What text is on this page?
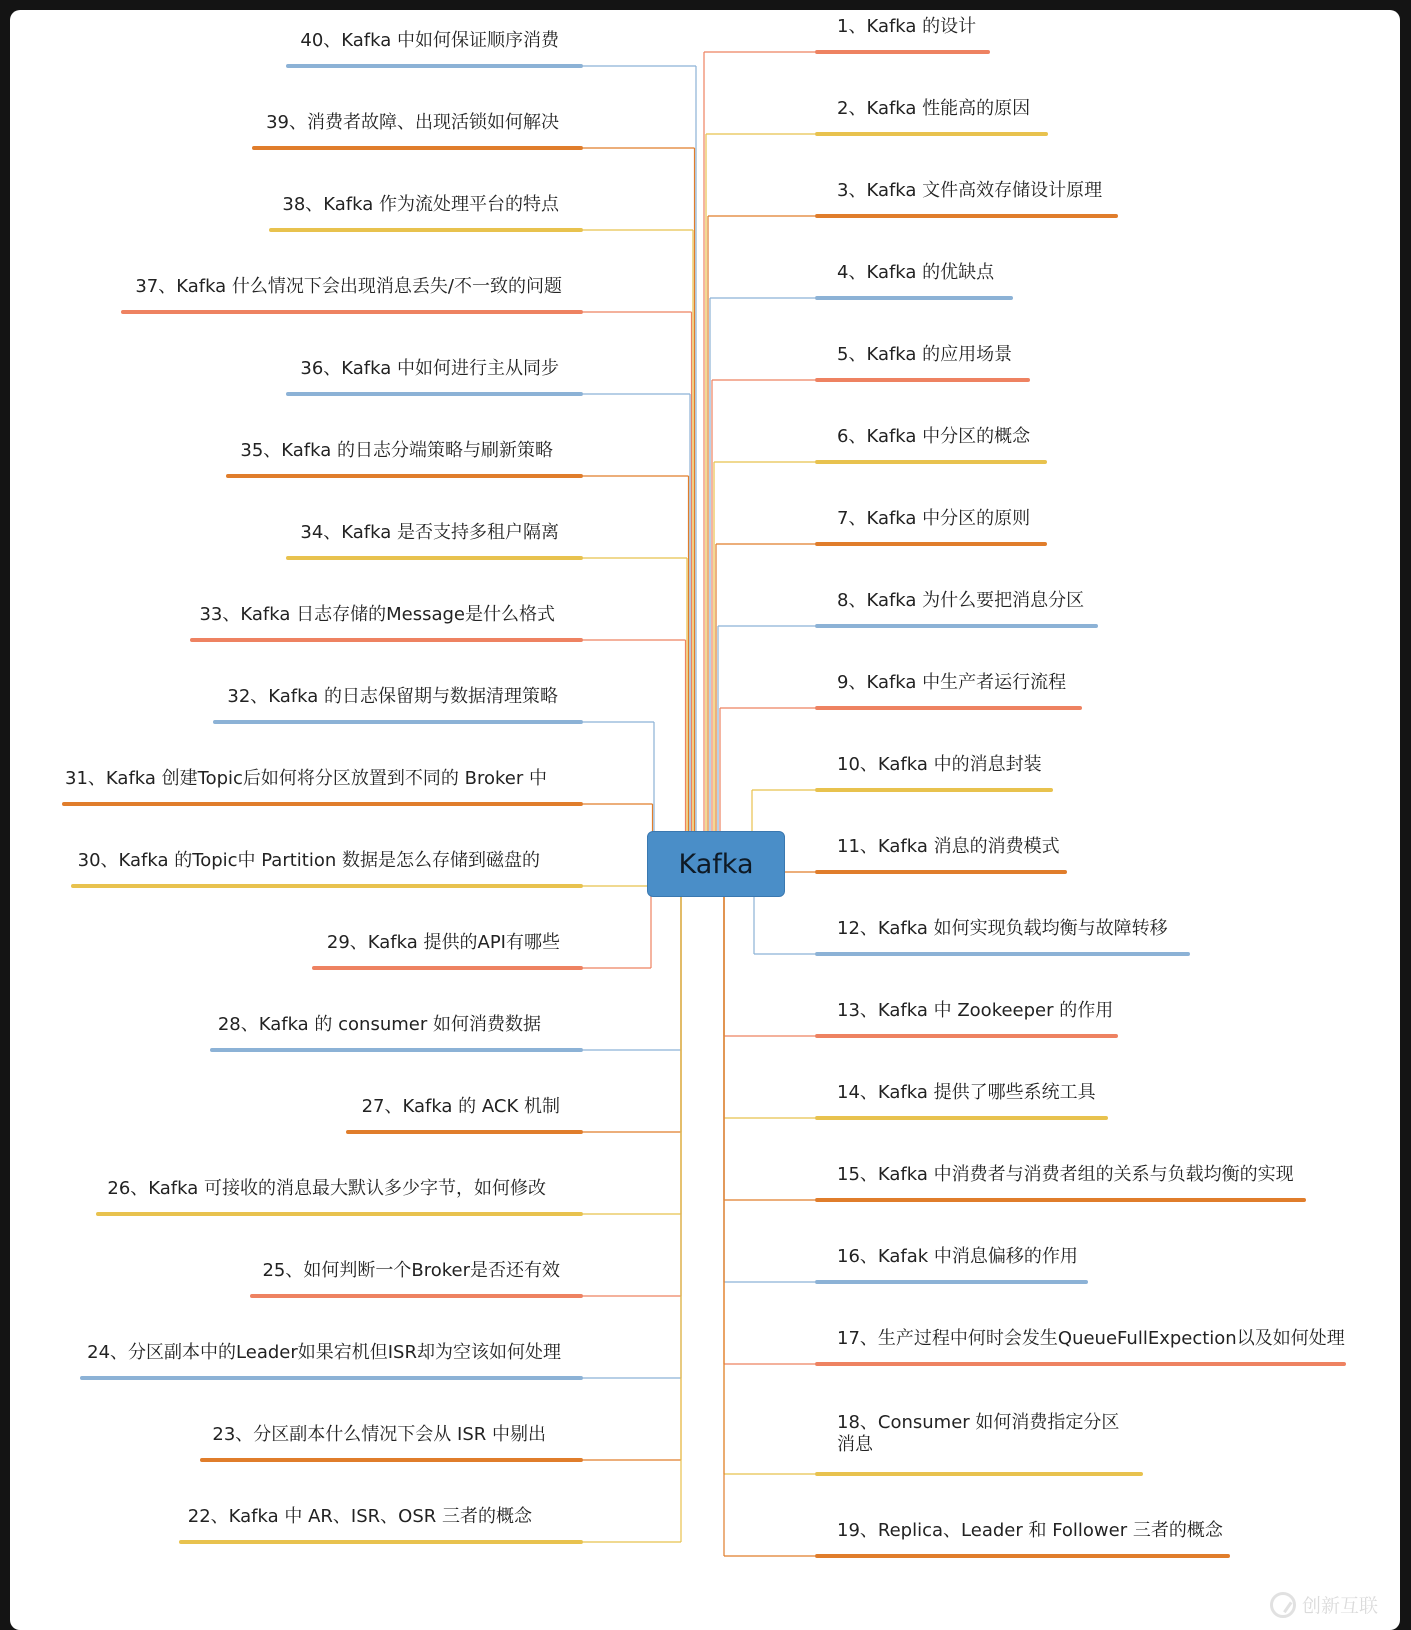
1、Kafka 的设计
2、Kafka 性能高的原因
3、Kafka 文件高效存储设计原理
4、Kafka 的优缺点
5、Kafka 的应用场景
6、Kafka 中分区的概念
7、Kafka 中分区的原则
8、Kafka 为什么要把消息分区
9、Kafka 中生产者运行流程
10、Kafka 中的消息封装
11、Kafka 消息的消费模式
12、Kafka 如何实现负载均衡与故障转移
13、Kafka 中 Zookeeper 的作用
14、Kafka 提供了哪些系统工具
15、Kafka 中消费者与消费者组的关系与负载均衡的实现
16、Kafak 中消息偏移的作用
17、生产过程中何时会发生QueueFullExpection以及如何处理
18、Consumer 如何消费指定分区消息
19、Replica、Leader 和 Follower 三者的概念
40、Kafka 中如何保证顺序消费
39、消费者故障、出现活锁如何解决
38、Kafka 作为流处理平台的特点
37、Kafka 什么情况下会出现消息丢失/不一致的问题
36、Kafka 中如何进行主从同步
35、Kafka 的日志分端策略与刷新策略
34、Kafka 是否支持多租户隔离
33、Kafka 日志存储的Message是什么格式
32、Kafka 的日志保留期与数据清理策略
31、Kafka 创建Topic后如何将分区放置到不同的 Broker 中
30、Kafka 的Topic中 Partition 数据是怎么存储到磁盘的
29、Kafka 提供的API有哪些
28、Kafka 的 consumer 如何消费数据
27、Kafka 的 ACK 机制
26、Kafka 可接收的消息最大默认多少字节，如何修改
25、如何判断一个Broker是否还有效
24、分区副本中的Leader如果宕机但ISR却为空该如何处理
23、分区副本什么情况下会从 ISR 中剔出
22、Kafka 中 AR、ISR、OSR 三者的概念
Kafka
创新互联
